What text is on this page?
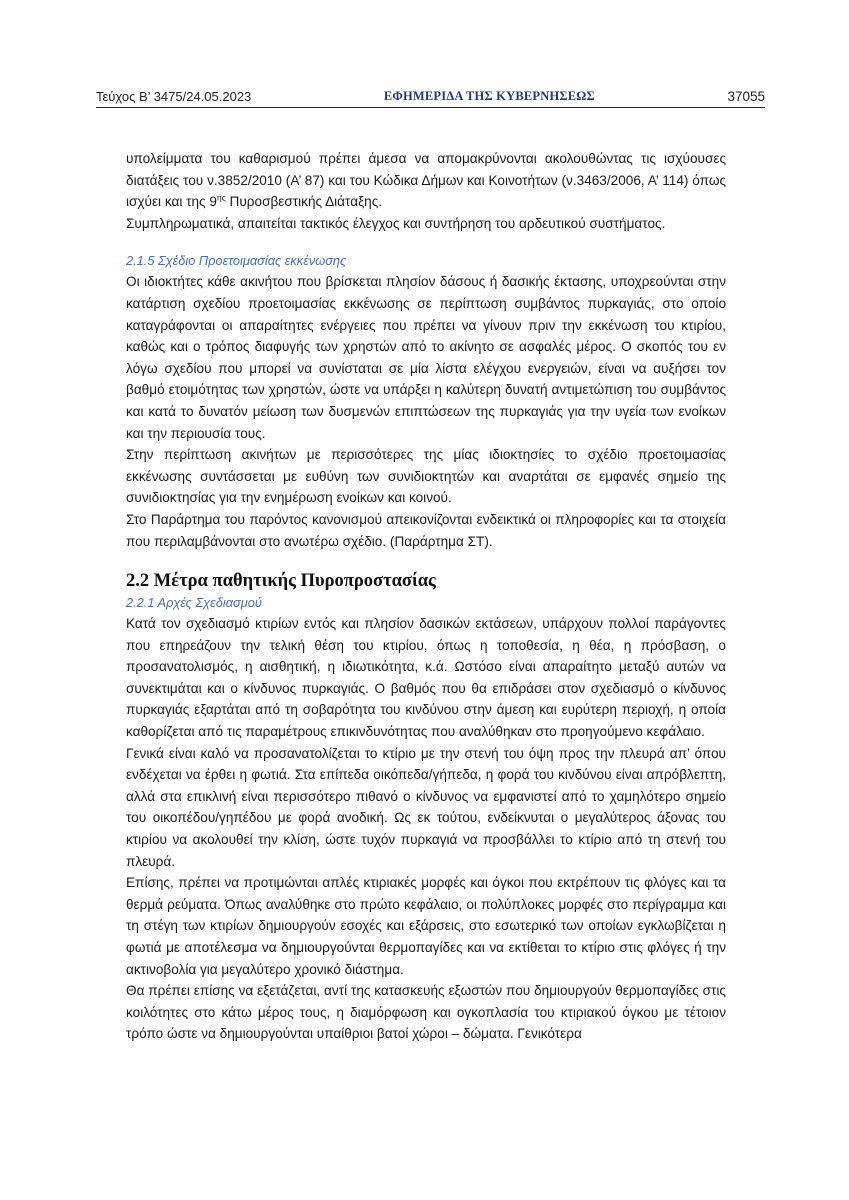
Τεύχος B’ 3475/24.05.2023	ΕΦΗΜΕΡΙΔΑ ΤΗΣ ΚΥΒΕΡΝΗΣΕΩΣ	37055

υπολείμματα του καθαρισμού πρέπει άμεσα να απομακρύνονται ακολουθώντας τις ισχύουσες διατάξεις του ν.3852/2010 (Α’ 87) και του Κώδικα Δήμων και Κοινοτήτων (ν.3463/2006, Α’ 114) όπως ισχύει και της $9^{\eta\varsigma}$ Πυροσβεστικής Διάταξης.

Συμπληρωματικά, απαιτείται τακτικός έλεγχος και συντήρηση του αρδευτικού συστήματος.

2.1.5 Σχέδιο Προετοιμασίας εκκένωσης

Οι ιδιοκτήτες κάθε ακινήτου που βρίσκεται πλησίον δάσους ή δασικής έκτασης, υποχρεούνται στην κατάρτιση σχεδίου προετοιμασίας εκκένωσης σε περίπτωση συμβάντος πυρκαγιάς, στο οποίο καταγράφονται οι απαραίτητες ενέργειες που πρέπει να γίνουν πριν την εκκένωση του κτιρίου, καθώς και ο τρόπος διαφυγής των χρηστών από το ακίνητο σε ασφαλές μέρος. Ο σκοπός του εν λόγω σχεδίου που μπορεί να συνίσταται σε μία λίστα ελέγχου ενεργειών, είναι να αυξήσει τον βαθμό ετοιμότητας των χρηστών, ώστε να υπάρξει η καλύτερη δυνατή αντιμετώπιση του συμβάντος και κατά το δυνατόν μείωση των δυσμενών επιπτώσεων της πυρκαγιάς για την υγεία των ενοίκων και την περιουσία τους.

Στην περίπτωση ακινήτων με περισσότερες της μίας ιδιοκτησίες το σχέδιο προετοιμασίας εκκένωσης συντάσσεται με ευθύνη των συνιδιοκτητών και αναρτάται σε εμφανές σημείο της συνιδιοκτησίας για την ενημέρωση ενοίκων και κοινού.

Στο Παράρτημα του παρόντος κανονισμού απεικονίζονται ενδεικτικά οι πληροφορίες και τα στοιχεία που περιλαμβάνονται στο ανωτέρω σχέδιο. (Παράρτημα ΣΤ).

2.2 Μέτρα παθητικής Πυροπροστασίας

2.2.1 Αρχές Σχεδιασμού

Κατά τον σχεδιασμό κτιρίων εντός και πλησίον δασικών εκτάσεων, υπάρχουν πολλοί παράγοντες που επηρεάζουν την τελική θέση του κτιρίου, όπως η τοποθεσία, η θέα, η πρόσβαση, ο προσανατολισμός, η αισθητική, η ιδιωτικότητα, κ.ά. Ωστόσο είναι απαραίτητο μεταξύ αυτών να συνεκτιμάται και ο κίνδυνος πυρκαγιάς. Ο βαθμός που θα επιδράσει στον σχεδιασμό ο κίνδυνος πυρκαγιάς εξαρτάται από τη σοβαρότητα του κινδύνου στην άμεση και ευρύτερη περιοχή, η οποία καθορίζεται από τις παραμέτρους επικινδυνότητας που αναλύθηκαν στο προηγούμενο κεφάλαιο.

Γενικά είναι καλό να προσανατολίζεται το κτίριο με την στενή του όψη προς την πλευρά απ’ όπου ενδέχεται να έρθει η φωτιά. Στα επίπεδα οικόπεδα/γήπεδα, η φορά του κινδύνου είναι απρόβλεπτη, αλλά στα επικλινή είναι περισσότερο πιθανό ο κίνδυνος να εμφανιστεί από το χαμηλότερο σημείο του οικοπέδου/γηπέδου με φορά ανοδική. Ως εκ τούτου, ενδείκνυται ο μεγαλύτερος άξονας του κτιρίου να ακολουθεί την κλίση, ώστε τυχόν πυρκαγιά να προσβάλλει το κτίριο από τη στενή του πλευρά.

Επίσης, πρέπει να προτιμώνται απλές κτιριακές μορφές και όγκοι που εκτρέπουν τις φλόγες και τα θερμά ρεύματα. Όπως αναλύθηκε στο πρώτο κεφάλαιο, οι πολύπλοκες μορφές στο περίγραμμα και τη στέγη των κτιρίων δημιουργούν εσοχές και εξάρσεις, στο εσωτερικό των οποίων εγκλωβίζεται η φωτιά με αποτέλεσμα να δημιουργούνται θερμοπαγίδες και να εκτίθεται το κτίριο στις φλόγες ή την ακτινοβολία για μεγαλύτερο χρονικό διάστημα.

Θα πρέπει επίσης να εξετάζεται, αντί της κατασκευής εξωστών που δημιουργούν θερμοπαγίδες στις κοιλότητες στο κάτω μέρος τους, η διαμόρφωση και ογκοπλασία του κτιριακού όγκου με τέτοιον τρόπο ώστε να δημιουργούνται υπαίθριοι βατοί χώροι – δώματα. Γενικότερα
